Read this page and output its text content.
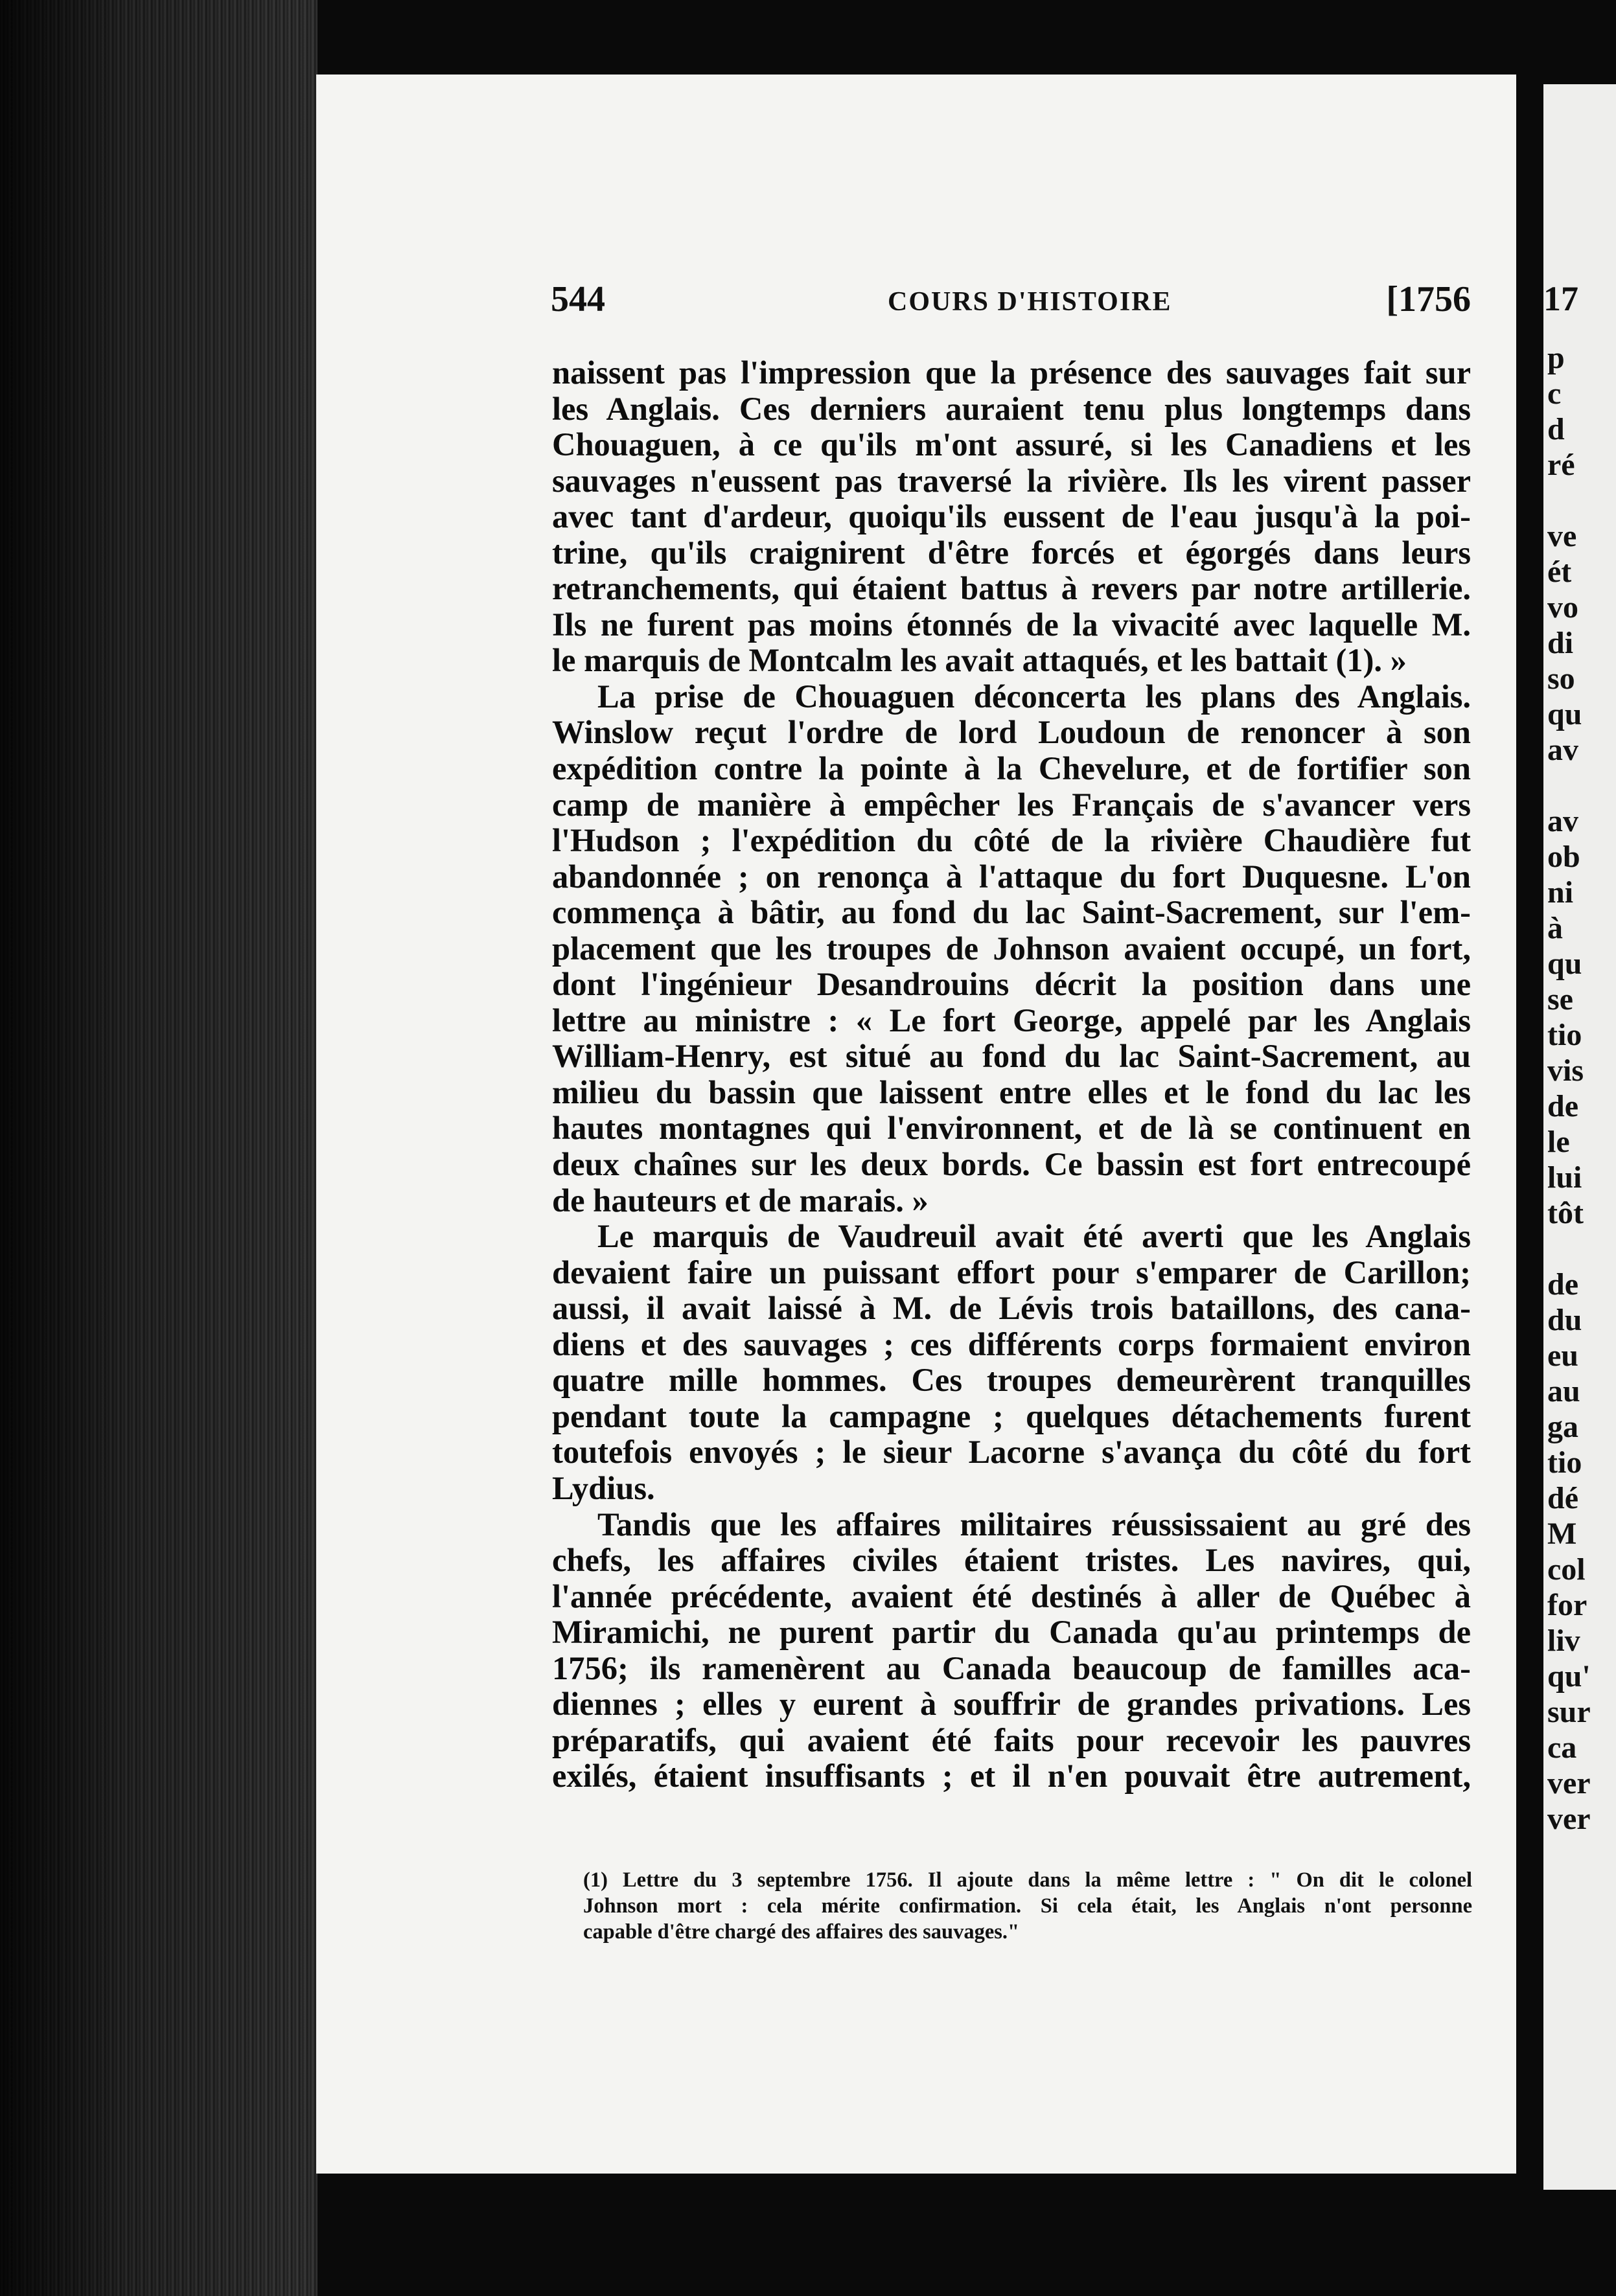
17
p
c
d
ré
ve
ét
vo
di
so
qu
av
av
ob
ni
à
qu
se
tio
vis
de
le
lui
tôt
de
du
eu
au
ga
tio
dé
M
col
for
liv
qu'
sur
ca
ver
ver
544	COURS D'HISTOIRE	[1756
naissent pas l'impression que la présence des sauvages fait sur
les Anglais. Ces derniers auraient tenu plus longtemps dans
Chouaguen, à ce qu'ils m'ont assuré, si les Canadiens et les
sauvages n'eussent pas traversé la rivière. Ils les virent passer
avec tant d'ardeur, quoiqu'ils eussent de l'eau jusqu'à la poi-
trine, qu'ils craignirent d'être forcés et égorgés dans leurs
retranchements, qui étaient battus à revers par notre artillerie.
Ils ne furent pas moins étonnés de la vivacité avec laquelle M.
le marquis de Montcalm les avait attaqués, et les battait (1). »
La prise de Chouaguen déconcerta les plans des Anglais.
Winslow reçut l'ordre de lord Loudoun de renoncer à son
expédition contre la pointe à la Chevelure, et de fortifier son
camp de manière à empêcher les Français de s'avancer vers
l'Hudson ; l'expédition du côté de la rivière Chaudière fut
abandonnée ; on renonça à l'attaque du fort Duquesne. L'on
commença à bâtir, au fond du lac Saint-Sacrement, sur l'em-
placement que les troupes de Johnson avaient occupé, un fort,
dont l'ingénieur Desandrouins décrit la position dans une
lettre au ministre : « Le fort George, appelé par les Anglais
William-Henry, est situé au fond du lac Saint-Sacrement, au
milieu du bassin que laissent entre elles et le fond du lac les
hautes montagnes qui l'environnent, et de là se continuent en
deux chaînes sur les deux bords. Ce bassin est fort entrecoupé
de hauteurs et de marais. »
Le marquis de Vaudreuil avait été averti que les Anglais
devaient faire un puissant effort pour s'emparer de Carillon;
aussi, il avait laissé à M. de Lévis trois bataillons, des cana-
diens et des sauvages ; ces différents corps formaient environ
quatre mille hommes. Ces troupes demeurèrent tranquilles
pendant toute la campagne ; quelques détachements furent
toutefois envoyés ; le sieur Lacorne s'avança du côté du fort
Lydius.
Tandis que les affaires militaires réussissaient au gré des
chefs, les affaires civiles étaient tristes. Les navires, qui,
l'année précédente, avaient été destinés à aller de Québec à
Miramichi, ne purent partir du Canada qu'au printemps de
1756; ils ramenèrent au Canada beaucoup de familles aca-
diennes ; elles y eurent à souffrir de grandes privations. Les
préparatifs, qui avaient été faits pour recevoir les pauvres
exilés, étaient insuffisants ; et il n'en pouvait être autrement,
(1) Lettre du 3 septembre 1756. Il ajoute dans la même lettre : " On dit le colonel
Johnson mort : cela mérite confirmation. Si cela était, les Anglais n'ont personne
capable d'être chargé des affaires des sauvages."
